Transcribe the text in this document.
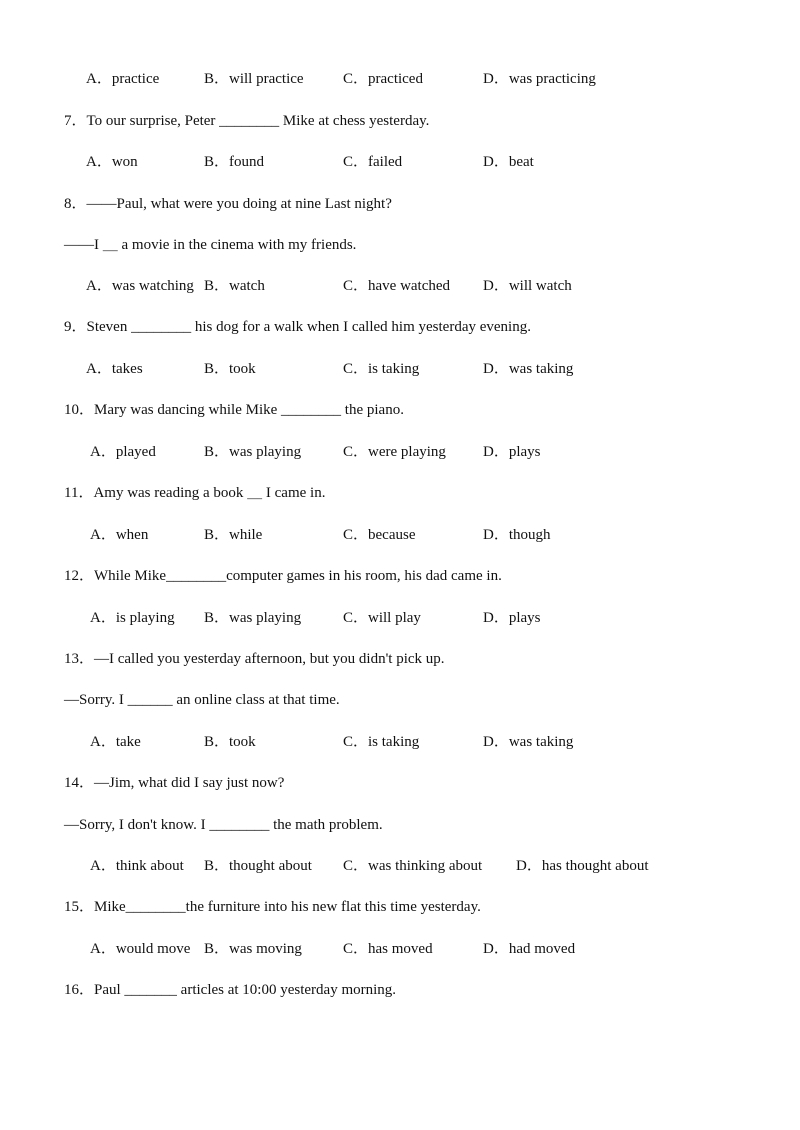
A．practice	B．will practice	C．practiced	D．was practicing
7．To our surprise, Peter ________ Mike at chess yesterday.
A．won	B．found	C．failed	D．beat
8．——Paul, what were you doing at nine Last night?
——I ＿ a movie in the cinema with my friends.
A．was watching B．watch	C．have watched D．will watch
9．Steven ________ his dog for a walk when I called him yesterday evening.
A．takes	B．took	C．is taking	D．was taking
10．Mary was dancing while Mike ________ the piano.
A．played	B．was playing	C．were playing D．plays
11．Amy was reading a book ＿ I came in.
A．when	B．while	C．because	D．though
12．While Mike________computer games in his room, his dad came in.
A．is playing B．was playing	C．will play	D．plays
13．—I called you yesterday afternoon, but you didn't pick up.
—Sorry. I ______ an online class at that time.
A．take	B．took	C．is taking	D．was taking
14．—Jim, what did I say just now?
—Sorry, I don't know. I ________ the math problem.
A．think about B．thought about C．was thinking about D．has thought about
15．Mike________the furniture into his new flat this time yesterday.
A．would move B．was moving	C．has moved	D．had moved
16．Paul _______ articles at 10:00 yesterday morning.
